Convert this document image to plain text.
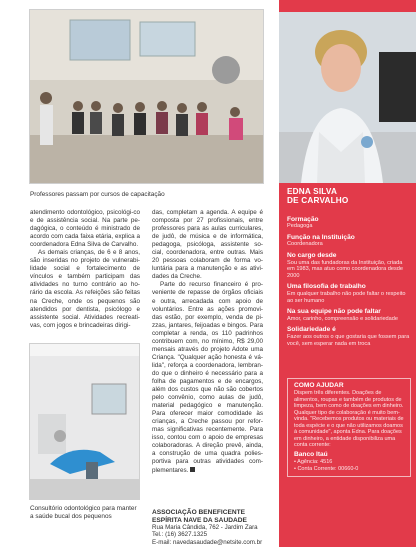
Professores passam por cursos de capacitação

atendimento odontológico, psicológi-co e de assistência social. Na parte pe-dagógica, o conteúdo é ministrado de acordo com cada faixa etária, explica a coordenadora Edna Silva de Carvalho.

As demais crianças, de 6 e 8 anos, são inseridas no projeto de vulnerabi-lidade social e fortalecimento de vínculos e também participam das atividades no turno contrário ao ho-rário da escola. As refeições são feitas na Creche, onde os pequenos são atendidos por dentista, psicólogo e assistente social. Atividades recreati-vas, com jogos e brincadeiras dirigi-

Consultório odontológico para manter
a saúde bucal dos pequenos

das, completam a agenda. A equipe é composta por 27 profissionais, entre professores para as aulas curriculares, de judô, de música e de informática, pedagoga, psicóloga, assistente so-cial, coordenadora, entre outras. Mais 20 pessoas colaboram de forma vo-luntária para a manutenção e as ativi-dades da Creche.

Parte do recurso financeiro é pro-veniente de repasse de órgãos oficiais e outra, arrecadada com apoio de voluntários. Entre as ações promovi-das estão, por exemplo, venda de pi-zzas, jantares, feijoadas e bingos. Para completar a renda, os 110 padrinhos contribuem com, no mínimo, R$ 29,00 mensais através do projeto Adote uma Criança. "Qualquer ação honesta é vá-lida", reforça a coordenadora, lembran-do que o dinheiro é necessário para a folha de pagamentos e de encargos, além dos custos que não são cobertos pelo convênio, como aulas de judô, material pedagógico e manutenção. Para oferecer maior comodidade às crianças, a Creche passou por refor-mas significativas recentemente. Para isso, contou com o apoio de empresas colaboradoras. A direção prevê, ainda, a construção de uma quadra polies-portiva para outras atividades com-plementares.

ASSOCIAÇÃO BENEFICENTE
ESPÍRITA NAVE DA SAUDADE
Rua Maria Cândida, 762 - Jardim Zara
Tel.: (16) 3627.1325
E-mail: navedasaudade@netsite.com.br
EDNA SILVA
DE CARVALHO
Formação
Pedagoga
Função na Instituição
Coordenadora
No cargo desde
Sou uma das fundadoras da Instituição, criada em 1983, mas atuo como coordenadora desde 2000
Uma filosofia de trabalho
Em qualquer trabalho não pode faltar o respeito ao ser humano
Na sua equipe não pode faltar
Amor, carinho, compreensão e solidariedade
Solidariedade é
Fazer aos outros o que gostaria que fossem para você, sem esperar nada em troca
COMO AJUDAR
Dispem três diferentes. Doações de alimentos, roupas e também de produtos de limpeza, bem como de doações em dinheiro. Qualquer tipo de colaboração é muito bem-vinda. "Recebemos produtos ou materiais de toda espécie e o que não utilizamos doamos à comunidade", aponta Edna. Para doações em dinheiro, a entidade disponibiliza uma conta corrente:
Banco Itaú
• Agência: 4516
• Conta Corrente: 00660-0
